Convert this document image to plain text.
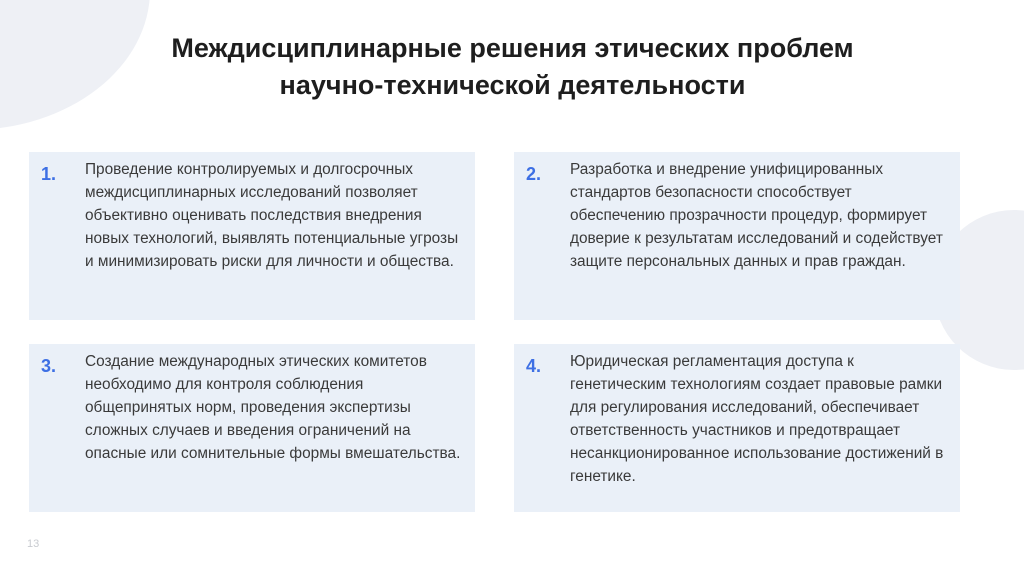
Междисциплинарные решения этических проблем научно-технической деятельности
1. Проведение контролируемых и долгосрочных междисциплинарных исследований позволяет объективно оценивать последствия внедрения новых технологий, выявлять потенциальные угрозы и минимизировать риски для личности и общества.
2. Разработка и внедрение унифицированных стандартов безопасности способствует обеспечению прозрачности процедур, формирует доверие к результатам исследований и содействует защите персональных данных и прав граждан.
3. Создание международных этических комитетов необходимо для контроля соблюдения общепринятых норм, проведения экспертизы сложных случаев и введения ограничений на опасные или сомнительные формы вмешательства.
4. Юридическая регламентация доступа к генетическим технологиям создает правовые рамки для регулирования исследований, обеспечивает ответственность участников и предотвращает несанкционированное использование достижений в генетике.
13
